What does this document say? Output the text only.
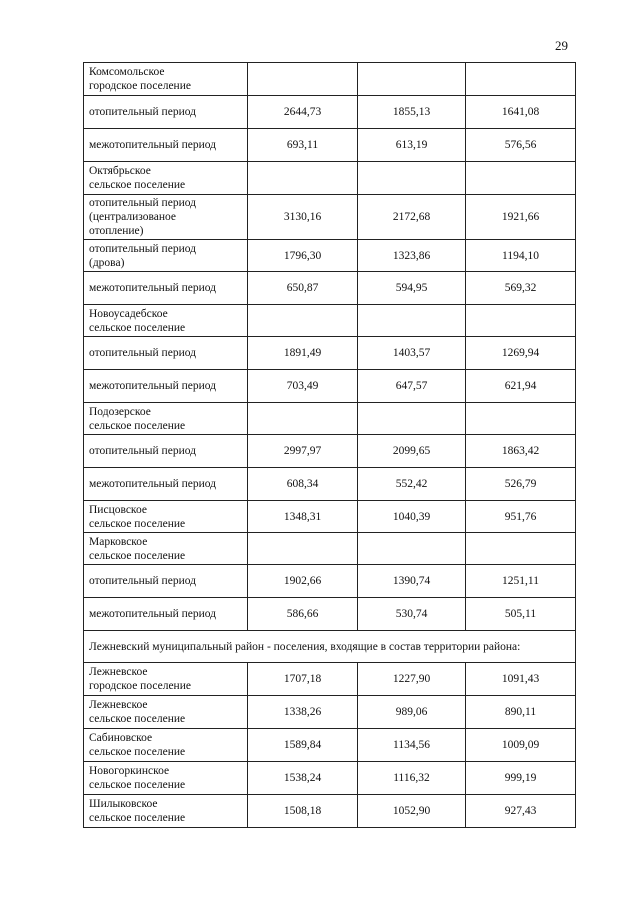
29
Комсомольское
городское поселение			
отопительный период	2644,73	1855,13	1641,08
межотопительный период	693,11	613,19	576,56
Октябрьское
сельское поселение			
отопительный период
(централизованое
отопление)	3130,16	2172,68	1921,66
отопительный период
(дрова)	1796,30	1323,86	1194,10
межотопительный период	650,87	594,95	569,32
Новоусадебское
сельское поселение			
отопительный период	1891,49	1403,57	1269,94
межотопительный период	703,49	647,57	621,94
Подозерское
сельское поселение			
отопительный период	2997,97	2099,65	1863,42
межотопительный период	608,34	552,42	526,79
Писцовское
сельское поселение	1348,31	1040,39	951,76
Марковское
сельское поселение			
отопительный период	1902,66	1390,74	1251,11
межотопительный период	586,66	530,74	505,11
Лежневский муниципальный район - поселения, входящие в состав территории района:			
Лежневское
городское поселение	1707,18	1227,90	1091,43
Лежневское
сельское поселение	1338,26	989,06	890,11
Сабиновское
сельское поселение	1589,84	1134,56	1009,09
Новогоркинское
сельское поселение	1538,24	1116,32	999,19
Шилыковское
сельское поселение	1508,18	1052,90	927,43
